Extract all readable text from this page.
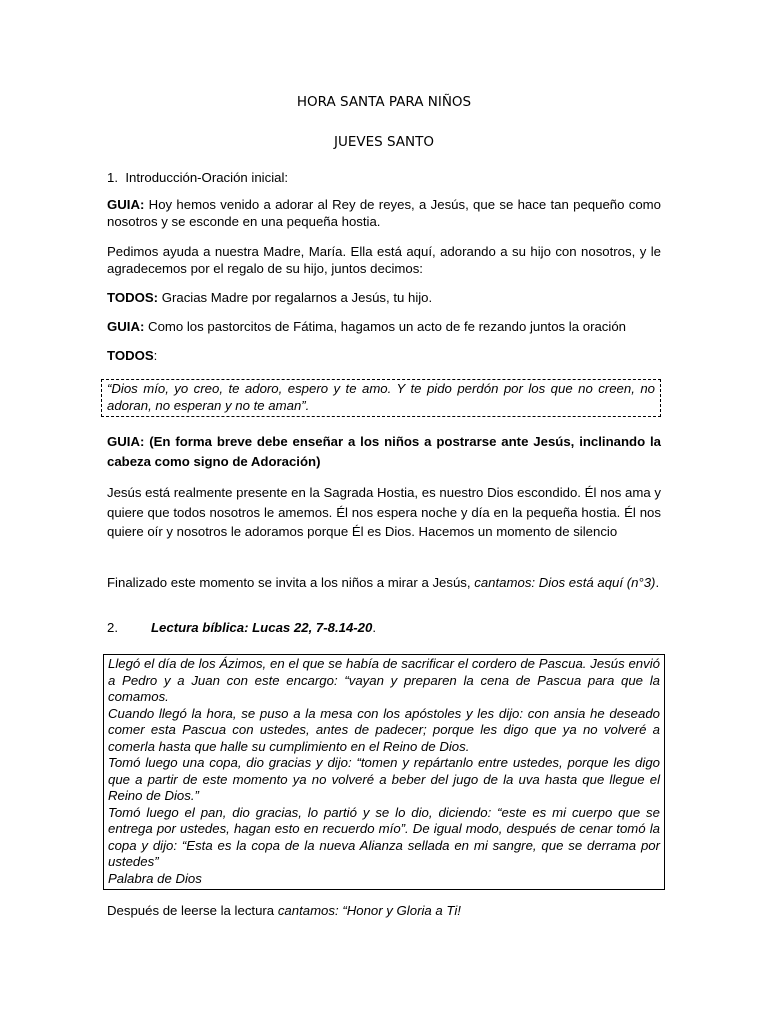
HORA SANTA PARA NIÑOS
JUEVES SANTO
1. Introducción-Oración inicial:

GUIA: Hoy hemos venido a adorar al Rey de reyes, a Jesús, que se hace tan pequeño como nosotros y se esconde en una pequeña hostia.

Pedimos ayuda a nuestra Madre, María. Ella está aquí, adorando a su hijo con nosotros, y le agradecemos por el regalo de su hijo, juntos decimos:

TODOS: Gracias Madre por regalarnos a Jesús, tu hijo.

GUIA: Como los pastorcitos de Fátima, hagamos un acto de fe rezando juntos la oración

TODOS:

“Dios mío, yo creo, te adoro, espero y te amo. Y te pido perdón por los que no creen, no adoran, no esperan y no te aman”.

GUIA: (En forma breve debe enseñar a los niños a postrarse ante Jesús, inclinando la cabeza como signo de Adoración)

Jesús está realmente presente en la Sagrada Hostia, es nuestro Dios escondido. Él nos ama y quiere que todos nosotros le amemos. Él nos espera noche y día en la pequeña hostia. Él nos quiere oír y nosotros le adoramos porque Él es Dios. Hacemos un momento de silencio

Finalizado este momento se invita a los niños a mirar a Jesús, cantamos: Dios está aquí (n°3).

2.	Lectura bíblica: Lucas 22, 7-8.14-20.

Llegó el día de los Ázimos, en el que se había de sacrificar el cordero de Pascua. Jesús envió a Pedro y a Juan con este encargo: “vayan y preparen la cena de Pascua para que la comamos.

Cuando llegó la hora, se puso a la mesa con los apóstoles y les dijo: con ansia he deseado comer esta Pascua con ustedes, antes de padecer; porque les digo que ya no volveré a comerla hasta que halle su cumplimiento en el Reino de Dios.

Tomó luego una copa, dio gracias y dijo: “tomen y repártanlo entre ustedes, porque les digo que a partir de este momento ya no volveré a beber del jugo de la uva hasta que llegue el Reino de Dios.”

Tomó luego el pan, dio gracias, lo partió y se lo dio, diciendo: “este es mi cuerpo que se entrega por ustedes, hagan esto en recuerdo mío”. De igual modo, después de cenar tomó la copa y dijo: “Esta es la copa de la nueva Alianza sellada en mi sangre, que se derrama por ustedes”

Palabra de Dios

Después de leerse la lectura cantamos: “Honor y Gloria a Ti!
